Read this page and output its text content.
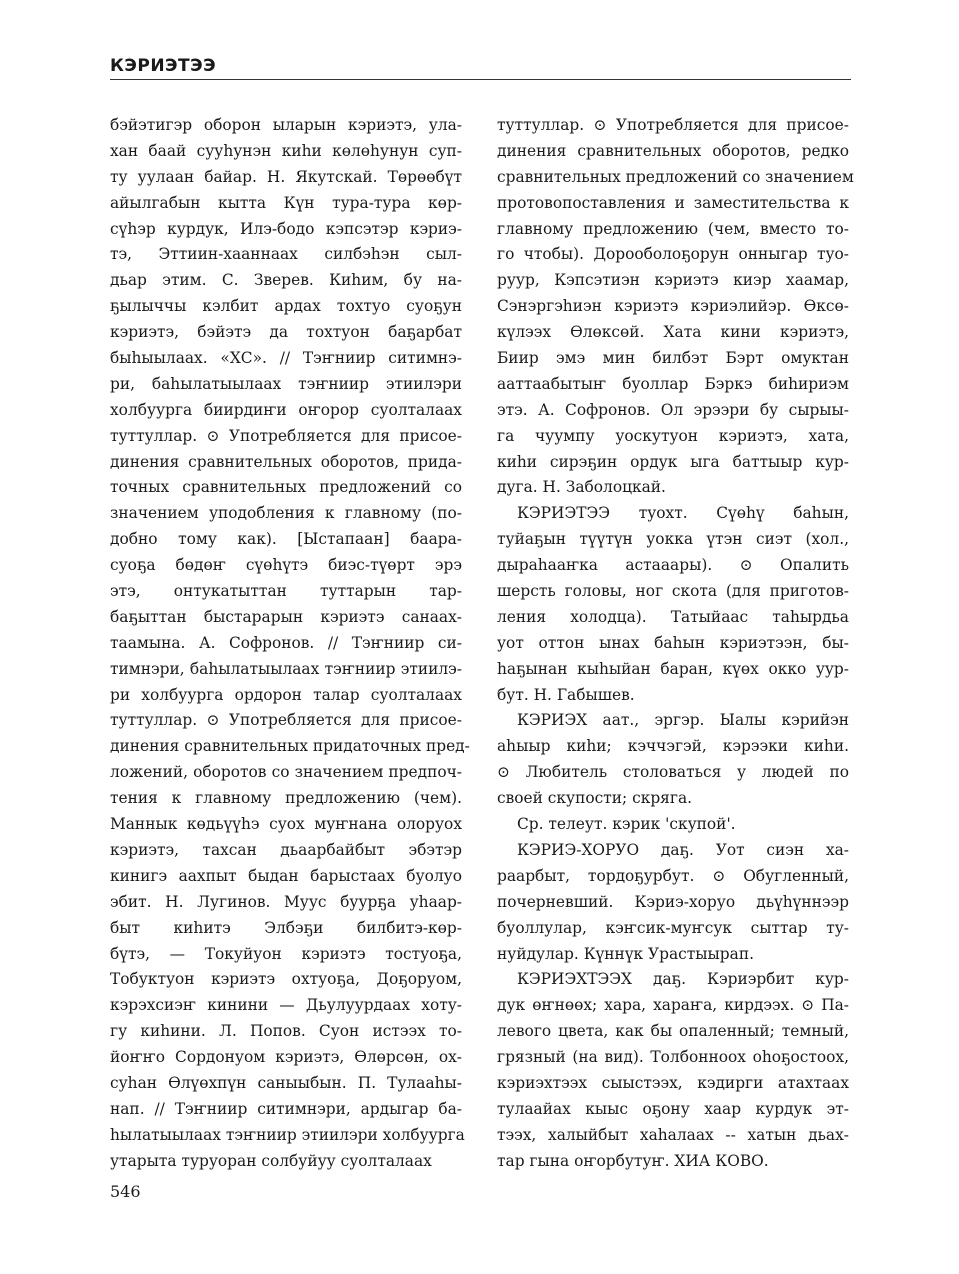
КЭРИЭТЭЭ
бэйэтигэр оборон ыларын кэриэтэ, ула-
хан баай сууһунэн киһи көлөһунун суп-
ту уулаан байар. Н. Якутскай. Төрөөбүт
айылгабын кытта Күн тура-тура көр-
сүһэр курдук, Илэ-бодо кэпсэтэр кэриэ-
тэ, Эттиин-хааннаах силбэһэн сыл-
дьар этим. С. Зверев. Киһим, бу на-
ҕылыччы кэлбит ардах тохтуо суоҕун
кэриэтэ, бэйэтэ да тохтуон баҕарбат
быһыылаах. «ХС». // Тэҥниир ситимнэ-
ри, баһылатыылаах тэҥниир этиилэри
холбуурга биирдиҥи оҥорор суолталаах
туттуллар. ⊙ Употребляется для присое-
динения сравнительных оборотов, прида-
точных сравнительных предложений со
значением уподобления к главному (по-
добно тому как). [Ыстапаан] баара-
суоҕа бөдөҥ сүөһүтэ биэс-түөрт эрэ
этэ, онтукатыттан туттарын тар-
баҕыттан быстарарын кэриэтэ санаах-
таамына. А. Софронов. // Тэҥниир си-
тимнэри, баһылатыылаах тэҥниир этиилэ-
ри холбуурга ордорон талар суолталаах
туттуллар. ⊙ Употребляется для присое-
динения сравнительных придаточных пред-
ложений, оборотов со значением предпоч-
тения к главному предложению (чем).
Маннык көдьүүһэ суох муҥнана олоруох
кэриэтэ, тахсан дьаарбайбыт эбэтэр
кинигэ аахпыт быдан барыстаах буолуо
эбит. Н. Лугинов. Муус буурҕа уһаар-
быт киһитэ Элбэҕи билбитэ-көр-
бүтэ, — Токуйуон кэриэтэ тостуоҕа,
Тобуктуон кэриэтэ охтуоҕа, Доҕоруом,
кэрэхсиэҥ кинини — Дьулуурдаах хоту-
гу киһини. Л. Попов. Суон истээх то-
йоҥҥо Сордонуом кэриэтэ, Өлөрсөн, ох-
суһан Өлүөхпүн саныыбын. П. Тулааһы-
нап. // Тэҥниир ситимнэри, ардыгар ба-
һылатыылаах тэҥниир этиилэри холбуурга
утарыта туруоран солбуйуу суолталаах
туттуллар. ⊙ Употребляется для присое-
динения сравнительных оборотов, редко
сравнительных предложений со значением
протовопоставления и заместительства к
главному предложению (чем, вместо то-
го чтобы). Дорооболоҕорун онныгар туо-
руур, Кэпсэтиэн кэриэтэ киэр хаамар,
Сэнэргэһиэн кэриэтэ кэриэлийэр. Өксө-
күлээх Өлөксөй. Хата кини кэриэтэ,
Биир эмэ мин билбэт Бэрт омуктан
ааттаабытыҥ буоллар Бэркэ биһириэм
этэ. А. Софронов. Ол эрээри бу сырыы-
га чуумпу уоскутуон кэриэтэ, хата,
киһи сирэҕин ордук ыга баттыыр кур-
дуга. Н. Заболоцкай.
КЭРИЭТЭЭ туохт. Сүөһү баһын,
туйаҕын түүтүн уокка үтэн сиэт (хол.,
дыраһааҥка астааары). ⊙ Опалить
шерсть головы, ног скота (для приготов-
ления холодца). Татыйаас таһырдьа
уот оттон ынах баһын кэриэтээн, бы-
һаҕынан кыһыйан баран, күөх окко уур-
бут. Н. Габышев.
КЭРИЭХ аат., эргэр. Ыалы кэрийэн
аһыыр киһи; кэччэгэй, кэрээки киһи.
⊙ Любитель столоваться у людей по
своей скупости; скряга.
Ср. телеут. кэрик 'скупой'.
КЭРИЭ-ХОРУО даҕ. Уот сиэн ха-
раарбыт, тордоҕурбут. ⊙ Обугленный,
почерневший. Кэриэ-хоруо дьүһүннээр
буоллулар, кэҥсик-муҥсук сыттар ту-
нуйдулар. Күннүк Урастыырап.
КЭРИЭХТЭЭХ даҕ. Кэриэрбит кур-
дук өҥнөөх; хара, хараҥа, кирдээх. ⊙ Па-
левого цвета, как бы опаленный; темный,
грязный (на вид). Толбонноох оһоҕостоох,
кэриэхтээх сыыстээх, кэдирги атахтаах
тулаайах кыыс оҕону хаар курдук эт-
тээх, халыйбыт хаһалаах -- хатын дьах-
тар гына оҥорбутуҥ. ХИА КОВО.
546
